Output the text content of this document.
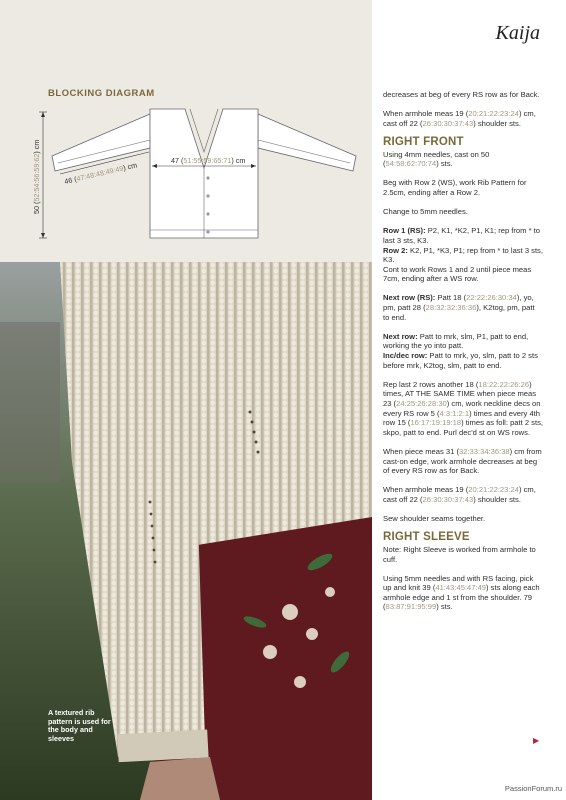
BLOCKING DIAGRAM
50 (52:54:56:59:62) cm
47 (51:55:59:65:71) cm
46 (47:48:48:49:49) cm
A textured rib pattern is used for the body and sleeves
Kaija

decreases at beg of every RS row as for Back.

When armhole meas 19 (20:21:22:23:24) cm, cast off 22 (26:30:30:37:43) shoulder sts.

RIGHT FRONT

Using 4mm needles, cast on 50 (54:58:62:70:74) sts.

Beg with Row 2 (WS), work Rib Pattern for 2.5cm, ending after a Row 2.

Change to 5mm needles.

Row 1 (RS): P2, K1, *K2, P1, K1; rep from * to last 3 sts, K3.
Row 2: K2, P1, *K3, P1; rep from * to last 3 sts, K3.
Cont to work Rows 1 and 2 until piece meas 7cm, ending after a WS row.

Next row (RS): Patt 18 (22:22:26:30:34), yo, pm, patt 28 (28:32:32:36:36), K2tog, pm, patt to end.

Next row: Patt to mrk, slm, P1, patt to end, working the yo into patt.
Inc/dec row: Patt to mrk, yo, slm, patt to 2 sts before mrk, K2tog, slm, patt to end.

Rep last 2 rows another 18 (18:22:22:26:26) times, AT THE SAME TIME when piece meas 23 (24:25:26:28:30) cm, work neckline decs on every RS row 5 (4:3:1:2:1) times and every 4th row 15 (16:17:19:19:18) times as foll: patt 2 sts, skpo, patt to end. Purl dec'd st on WS rows.

When piece meas 31 (32:33:34:36:38) cm from cast-on edge, work armhole decreases at beg of every RS row as for Back.

When armhole meas 19 (20:21:22:23:24) cm, cast off 22 (26:30:30:37:43) shoulder sts.

Sew shoulder seams together.

RIGHT SLEEVE

Note: Right Sleeve is worked from armhole to cuff.

Using 5mm needles and with RS facing, pick up and knit 39 (41:43:45:47:49) sts along each armhole edge and 1 st from the shoulder. 79 (83:87:91:95:99) sts.

▶
PassionForum.ru
